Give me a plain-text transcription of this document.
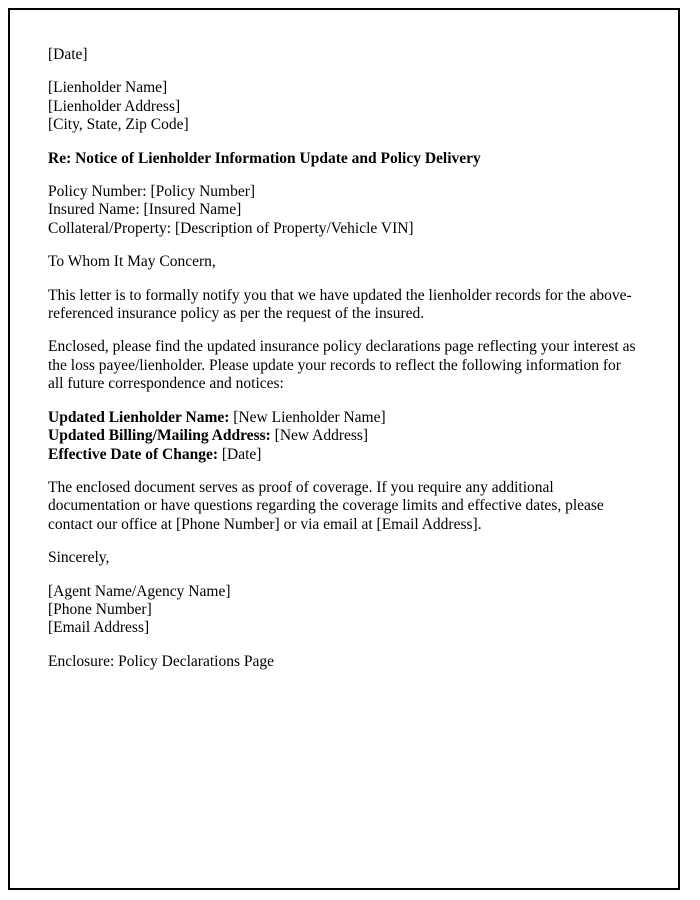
[Date]

[Lienholder Name]

[Lienholder Address]

[City, State, Zip Code]

Re: Notice of Lienholder Information Update and Policy Delivery

Policy Number: [Policy Number]

Insured Name: [Insured Name]

Collateral/Property: [Description of Property/Vehicle VIN]

To Whom It May Concern,

This letter is to formally notify you that we have updated the lienholder records for the above-referenced insurance policy as per the request of the insured.

Enclosed, please find the updated insurance policy declarations page reflecting your interest as the loss payee/lienholder. Please update your records to reflect the following information for all future correspondence and notices:

Updated Lienholder Name: [New Lienholder Name]

Updated Billing/Mailing Address: [New Address]

Effective Date of Change: [Date]

The enclosed document serves as proof of coverage. If you require any additional documentation or have questions regarding the coverage limits and effective dates, please contact our office at [Phone Number] or via email at [Email Address].

Sincerely,

[Agent Name/Agency Name]

[Phone Number]

[Email Address]

Enclosure: Policy Declarations Page
